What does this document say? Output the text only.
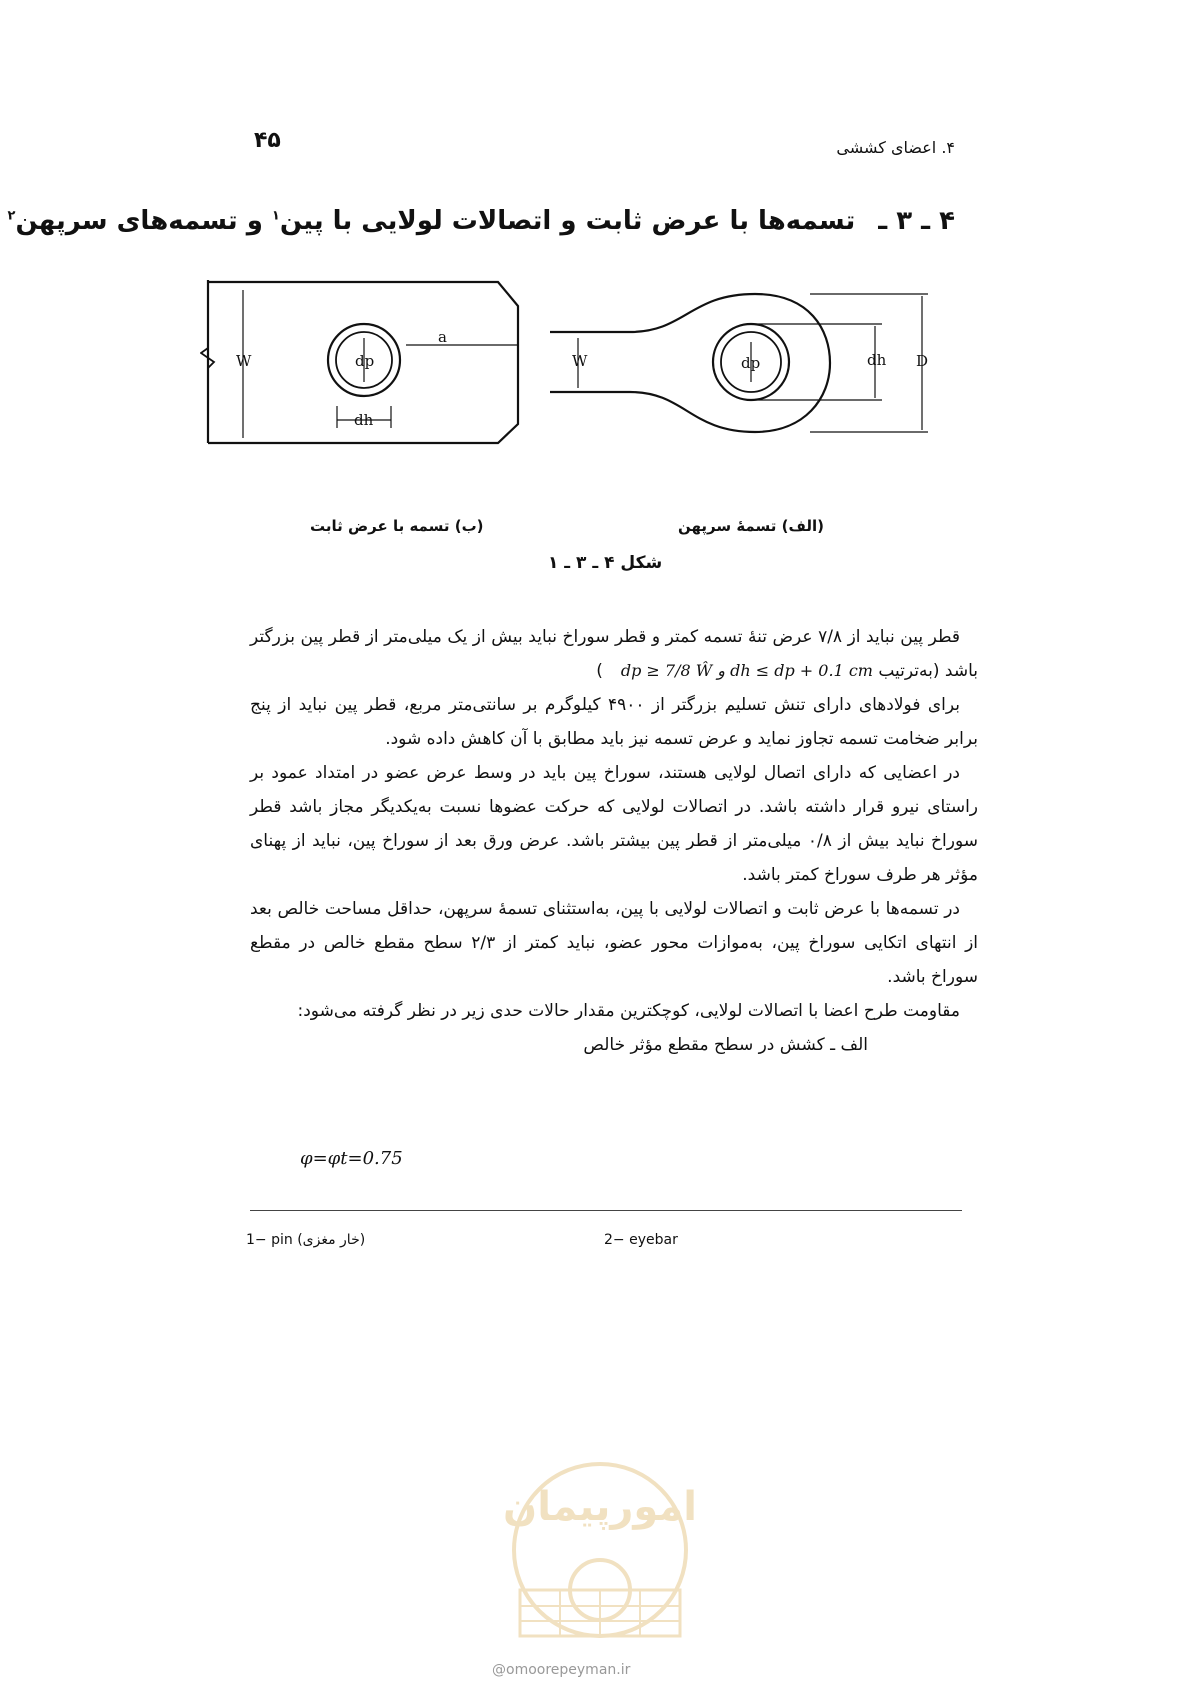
۴۵	۴. اعضای کششی
۴ ـ ۳ ـ تسمه‌ها با عرض ثابت و اتصالات لولایی با پین$^۱$ و تسمه‌های سرپهن$^۲$
W	dp
a
dh
W	dp	dh D
(ب) تسمه با عرض ثابت	(الف) تسمهٔ سرپهن
شکل ۴ ـ ۳ ـ ۱

قطر پین نباید از ۷/۸ عرض تنهٔ تسمه کمتر و قطر سوراخ نباید بیش از یک میلی‌متر از قطر پین بزرگتر باشد (به‌ترتیب dp ≥ 7/8 Ŵ و dh ≤ dp + 0.1 cm)

برای فولادهای دارای تنش تسلیم بزرگتر از ۴۹۰۰ کیلوگرم بر سانتی‌متر مربع، قطر پین نباید از پنج برابر ضخامت تسمه تجاوز نماید و عرض تسمه نیز باید مطابق با آن کاهش داده شود.

در اعضایی که دارای اتصال لولایی هستند، سوراخ پین باید در وسط عرض عضو در امتداد عمود بر راستای نیرو قرار داشته باشد. در اتصالات لولایی که حرکت عضوها نسبت به‌یکدیگر مجاز باشد قطر سوراخ نباید بیش از ۰/۸ میلی‌متر از قطر پین بیشتر باشد. عرض ورق بعد از سوراخ پین، نباید از پهنای مؤثر هر طرف سوراخ کمتر باشد.

در تسمه‌ها با عرض ثابت و اتصالات لولایی با پین، به‌استثنای تسمهٔ سرپهن، حداقل مساحت خالص بعد از انتهای اتکایی سوراخ پین، به‌موازات محور عضو، نباید کمتر از ۲/۳ سطح مقطع خالص در مقطع سوراخ باشد.

مقاومت طرح اعضا با اتصالات لولایی، کوچکترین مقدار حالات حدی زیر در نظر گرفته می‌شود:

الف ـ کشش در سطح مقطع مؤثر خالص

φ=φt=0.75
1− pin (خار مغزی)	2− eyebar
امورپیمان
@omoorepeyman.ir
